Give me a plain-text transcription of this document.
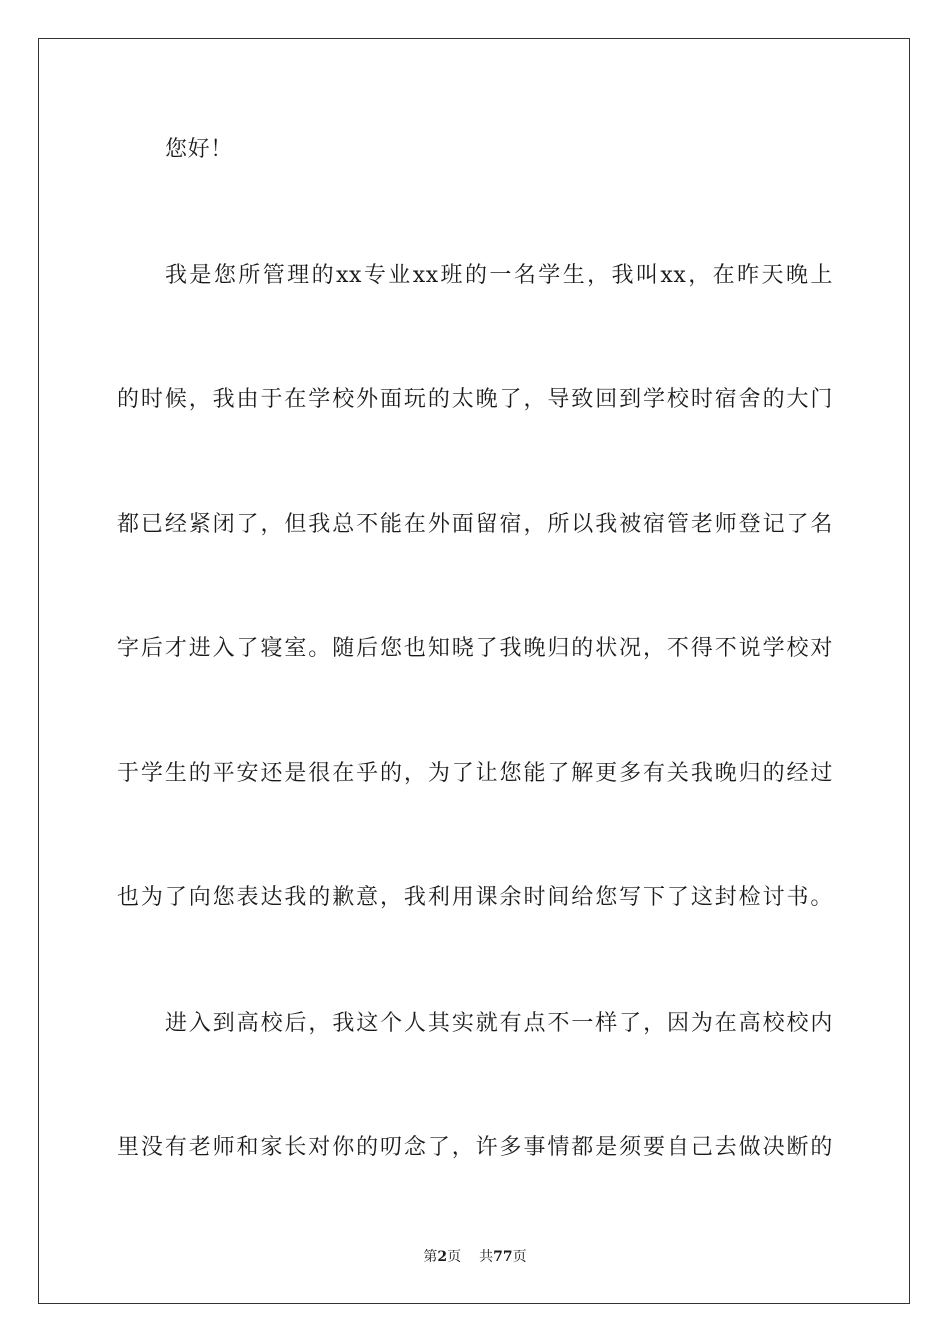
您好！
我是您所管理的xx专业xx班的一名学生，我叫xx，在昨天晚上
的时候，我由于在学校外面玩的太晚了，导致回到学校时宿舍的大门
都已经紧闭了，但我总不能在外面留宿，所以我被宿管老师登记了名
字后才进入了寝室。随后您也知晓了我晚归的状况，不得不说学校对
于学生的平安还是很在乎的，为了让您能了解更多有关我晚归的经过
也为了向您表达我的歉意，我利用课余时间给您写下了这封检讨书。
进入到高校后，我这个人其实就有点不一样了，因为在高校校内
里没有老师和家长对你的叨念了，许多事情都是须要自己去做决断的
第2页 共77页
